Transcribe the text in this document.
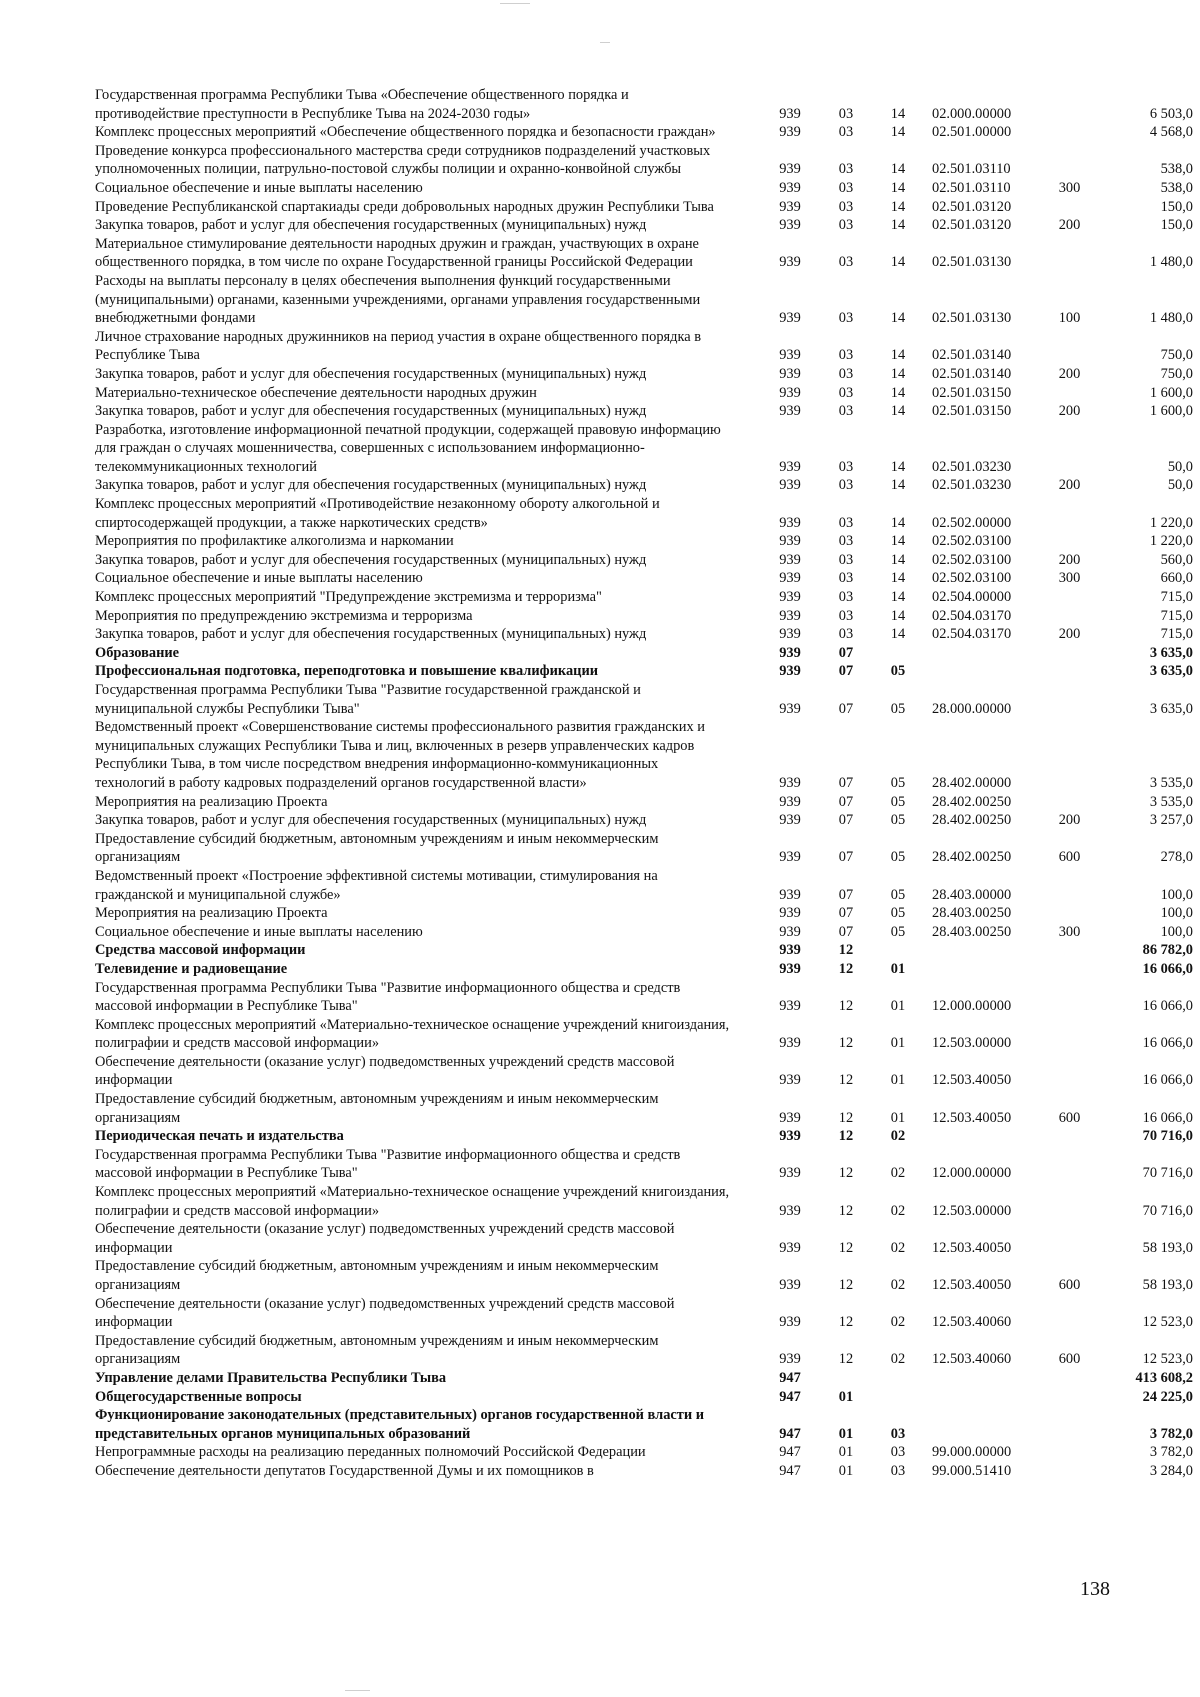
Государственная программа Республики Тыва «Обеспечение общественного порядка и противодействие преступности в Республике Тыва на 2024-2030 годы»	939	03	14	02.000.00000		6 503,0
Комплекс процессных мероприятий «Обеспечение общественного порядка и безопасности граждан»	939	03	14	02.501.00000		4 568,0
Проведение конкурса профессионального мастерства среди сотрудников подразделений участковых уполномоченных полиции, патрульно-постовой службы полиции и охранно-конвойной службы	939	03	14	02.501.03110		538,0
Социальное обеспечение и иные выплаты населению	939	03	14	02.501.03110	300	538,0
Проведение Республиканской спартакиады среди добровольных народных дружин Республики Тыва	939	03	14	02.501.03120		150,0
Закупка товаров, работ и услуг для обеспечения государственных (муниципальных) нужд	939	03	14	02.501.03120	200	150,0
Материальное стимулирование деятельности народных дружин и граждан, участвующих в охране общественного порядка, в том числе по охране Государственной границы Российской Федерации	939	03	14	02.501.03130		1 480,0
Расходы на выплаты персоналу в целях обеспечения выполнения функций государственными (муниципальными) органами, казенными учреждениями, органами управления государственными внебюджетными фондами	939	03	14	02.501.03130	100	1 480,0
Личное страхование народных дружинников на период участия в охране общественного порядка в Республике Тыва	939	03	14	02.501.03140		750,0
Закупка товаров, работ и услуг для обеспечения государственных (муниципальных) нужд	939	03	14	02.501.03140	200	750,0
Материально-техническое обеспечение деятельности народных дружин	939	03	14	02.501.03150		1 600,0
Закупка товаров, работ и услуг для обеспечения государственных (муниципальных) нужд	939	03	14	02.501.03150	200	1 600,0
Разработка, изготовление информационной печатной продукции, содержащей правовую информацию для граждан о случаях мошенничества, совершенных с использованием информационно-телекоммуникационных технологий	939	03	14	02.501.03230		50,0
Закупка товаров, работ и услуг для обеспечения государственных (муниципальных) нужд	939	03	14	02.501.03230	200	50,0
Комплекс процессных мероприятий «Противодействие незаконному обороту алкогольной и спиртосодержащей продукции, а также наркотических средств»	939	03	14	02.502.00000		1 220,0
Мероприятия по профилактике алкоголизма и наркомании	939	03	14	02.502.03100		1 220,0
Закупка товаров, работ и услуг для обеспечения государственных (муниципальных) нужд	939	03	14	02.502.03100	200	560,0
Социальное обеспечение и иные выплаты населению	939	03	14	02.502.03100	300	660,0
Комплекс процессных мероприятий "Предупреждение экстремизма и терроризма"	939	03	14	02.504.00000		715,0
Мероприятия по предупреждению экстремизма и терроризма	939	03	14	02.504.03170		715,0
Закупка товаров, работ и услуг для обеспечения государственных (муниципальных) нужд	939	03	14	02.504.03170	200	715,0
Образование	939	07				3 635,0
Профессиональная подготовка, переподготовка и повышение квалификации	939	07	05			3 635,0
Государственная программа Республики Тыва "Развитие государственной гражданской и муниципальной службы Республики Тыва"	939	07	05	28.000.00000		3 635,0
Ведомственный проект «Совершенствование системы профессионального развития гражданских и муниципальных служащих Республики Тыва и лиц, включенных в резерв управленческих кадров Республики Тыва, в том числе посредством внедрения информационно-коммуникационных технологий в работу кадровых подразделений органов государственной власти»	939	07	05	28.402.00000		3 535,0
Мероприятия на реализацию Проекта	939	07	05	28.402.00250		3 535,0
Закупка товаров, работ и услуг для обеспечения государственных (муниципальных) нужд	939	07	05	28.402.00250	200	3 257,0
Предоставление субсидий бюджетным, автономным учреждениям и иным некоммерческим организациям	939	07	05	28.402.00250	600	278,0
Ведомственный проект «Построение эффективной системы мотивации, стимулирования на гражданской и муниципальной службе»	939	07	05	28.403.00000		100,0
Мероприятия на реализацию Проекта	939	07	05	28.403.00250		100,0
Социальное обеспечение и иные выплаты населению	939	07	05	28.403.00250	300	100,0
Средства массовой информации	939	12				86 782,0
Телевидение и радиовещание	939	12	01			16 066,0
Государственная программа Республики Тыва "Развитие информационного общества и средств массовой информации в Республике Тыва"	939	12	01	12.000.00000		16 066,0
Комплекс процессных мероприятий «Материально-техническое оснащение учреждений книгоиздания, полиграфии и средств массовой информации»	939	12	01	12.503.00000		16 066,0
Обеспечение деятельности (оказание услуг) подведомственных учреждений средств массовой информации	939	12	01	12.503.40050		16 066,0
Предоставление субсидий бюджетным, автономным учреждениям и иным некоммерческим организациям	939	12	01	12.503.40050	600	16 066,0
Периодическая печать и издательства	939	12	02			70 716,0
Государственная программа Республики Тыва "Развитие информационного общества и средств массовой информации в Республике Тыва"	939	12	02	12.000.00000		70 716,0
Комплекс процессных мероприятий «Материально-техническое оснащение учреждений книгоиздания, полиграфии и средств массовой информации»	939	12	02	12.503.00000		70 716,0
Обеспечение деятельности (оказание услуг) подведомственных учреждений средств массовой информации	939	12	02	12.503.40050		58 193,0
Предоставление субсидий бюджетным, автономным учреждениям и иным некоммерческим организациям	939	12	02	12.503.40050	600	58 193,0
Обеспечение деятельности (оказание услуг) подведомственных учреждений средств массовой информации	939	12	02	12.503.40060		12 523,0
Предоставление субсидий бюджетным, автономным учреждениям и иным некоммерческим организациям	939	12	02	12.503.40060	600	12 523,0
Управление делами Правительства Республики Тыва	947					413 608,2
Общегосударственные вопросы	947	01				24 225,0
Функционирование законодательных (представительных) органов государственной власти и представительных органов муниципальных образований	947	01	03			3 782,0
Непрограммные расходы на реализацию переданных полномочий Российской Федерации	947	01	03	99.000.00000		3 782,0
Обеспечение деятельности депутатов Государственной Думы и их помощников в	947	01	03	99.000.51410		3 284,0
138
